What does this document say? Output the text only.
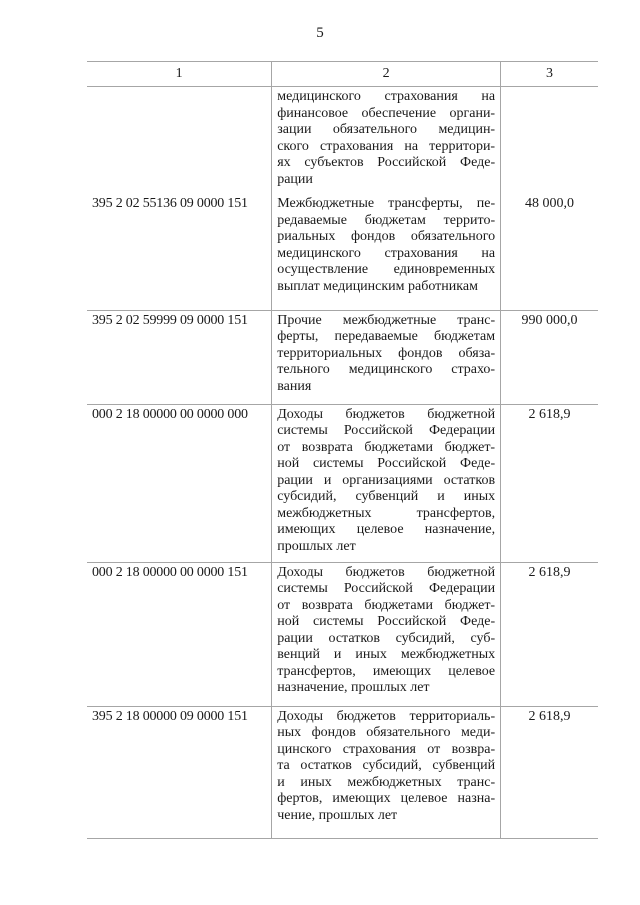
5
1	2	3

медицинского страхования на
финансовое обеспечение органи-
зации обязательного медицин-
ского страхования на территори-
ях субъектов Российской Феде-
рации

395 2 02 55136 09 0000 151	Межбюджетные трансферты, пе-
редаваемые бюджетам террито-
риальных фондов обязательного
медицинского страхования на
осуществление единовременных
выплат медицинским работникам
	48 000,0
395 2 02 59999 09 0000 151	Прочие межбюджетные транс-
ферты, передаваемые бюджетам
территориальных фондов обяза-
тельного медицинского страхо-
вания	990 000,0
000 2 18 00000 00 0000 000	Доходы бюджетов бюджетной
системы Российской Федерации
от возврата бюджетами бюджет-
ной системы Российской Феде-
рации и организациями остатков
субсидий, субвенций и иных
межбюджетных трансфертов,
имеющих целевое назначение,
прошлых лет
	2 618,9
000 2 18 00000 00 0000 151	Доходы бюджетов бюджетной
системы Российской Федерации
от возврата бюджетами бюджет-
ной системы Российской Феде-
рации остатков субсидий, суб-
венций и иных межбюджетных
трансфертов, имеющих целевое
назначение, прошлых лет
	2 618,9
395 2 18 00000 09 0000 151	Доходы бюджетов территориаль-
ных фондов обязательного меди-
цинского страхования от возвра-
та остатков субсидий, субвенций
и иных межбюджетных транс-
фертов, имеющих целевое назна-
чение, прошлых лет
	2 618,9
